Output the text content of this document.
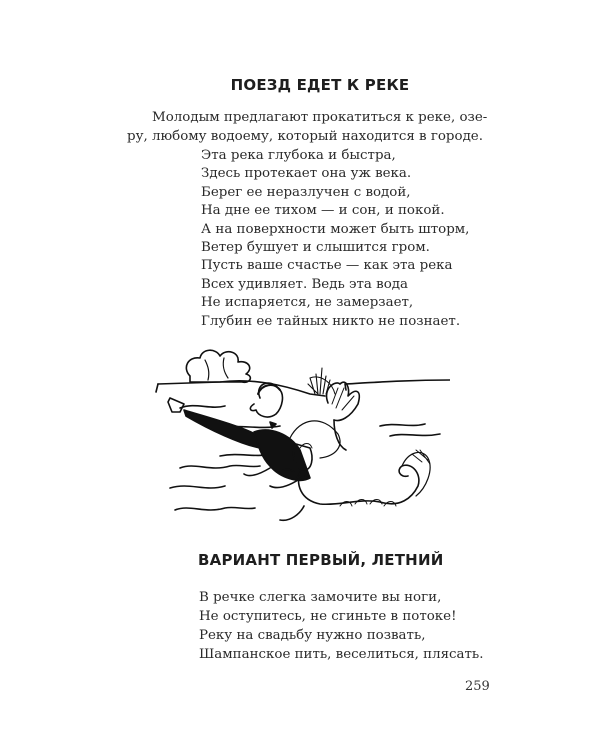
ПОЕЗД ЕДЕТ К РЕКЕ
Молодым предлагают прокатиться к реке, озе-
ру, любому водоему, который находится в городе.
Эта река глубока и быстра,
Здесь протекает она уж века.
Берег ее неразлучен с водой,
На дне ее тихом — и сон, и покой.
А на поверхности может быть шторм,
Ветер бушует и слышится гром.
Пусть ваше счастье — как эта река
Всех удивляет. Ведь эта вода
Не испаряется, не замерзает,
Глубин ее тайных никто не познает.
ВАРИАНТ ПЕРВЫЙ, ЛЕТНИЙ
В речке слегка замочите вы ноги,
Не оступитесь, не сгиньте в потоке!
Реку на свадьбу нужно позвать,
Шампанское пить, веселиться, плясать.
259
